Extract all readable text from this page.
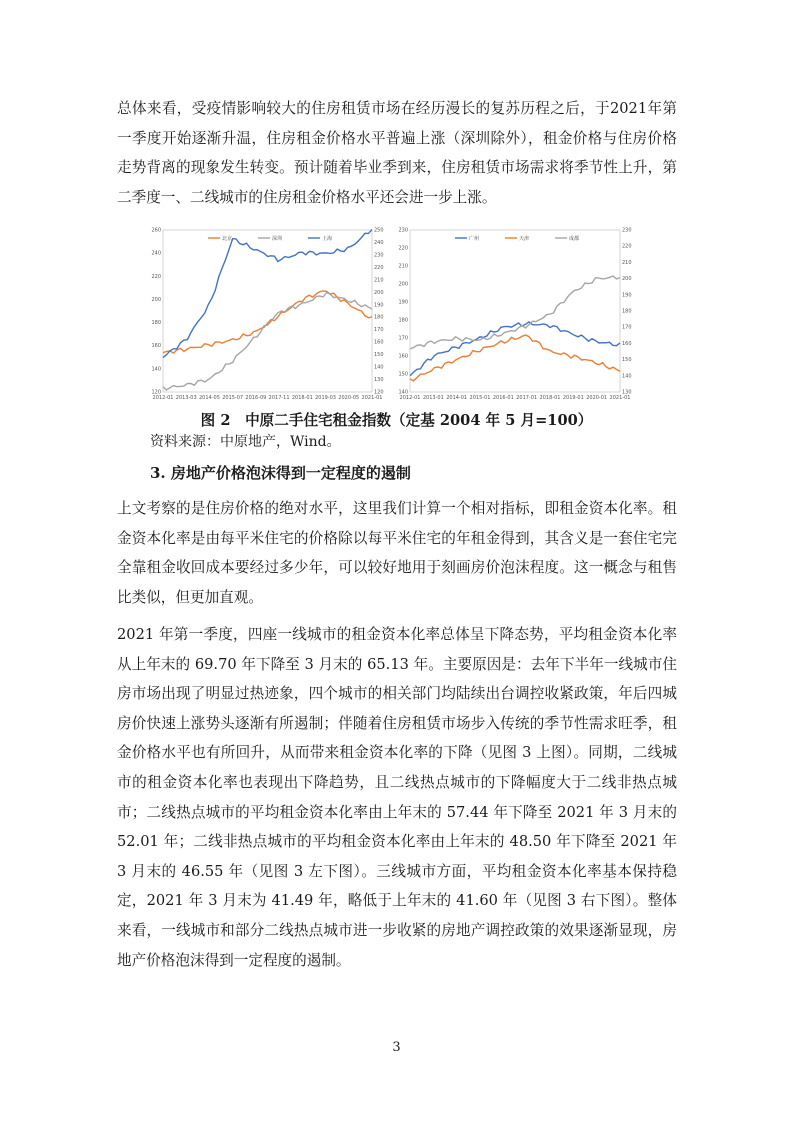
总体来看，受疫情影响较大的住房租赁市场在经历漫长的复苏历程之后，于2021年第一季度开始逐渐升温，住房租金价格水平普遍上涨（深圳除外），租金价格与住房价格走势背离的现象发生转变。预计随着毕业季到来，住房租赁市场需求将季节性上升，第二季度一、二线城市的住房租金价格水平还会进一步上涨。

120
140
160
180
200
220
240
260	250
240
230
220
210
200
190
180
170
160
150
140
130
120
2012-01 2013-03 2014-05 2015-07 2016-09 2017-11 2018-01 2019-03 2020-05 2021-01
北京	深圳	上海
140
150
160
170
180
190
200
210
220
230
130
140
150
160
170
180
190
200
210
220
230
2012-01 2013-01 2014-01 2015-01 2016-01 2017-01 2018-01 2019-01 2020-01 2021-01
广州	天津	成都

图 2　中原二手住宅租金指数（定基 2004 年 5 月=100）

资料来源：中原地产，Wind。

3. 房地产价格泡沫得到一定程度的遏制

上文考察的是住房价格的绝对水平，这里我们计算一个相对指标，即租金资本化率。租金资本化率是由每平米住宅的价格除以每平米住宅的年租金得到，其含义是一套住宅完全靠租金收回成本要经过多少年，可以较好地用于刻画房价泡沫程度。这一概念与租售比类似，但更加直观。

2021 年第一季度，四座一线城市的租金资本化率总体呈下降态势，平均租金资本化率从上年末的 69.70 年下降至 3 月末的 65.13 年。主要原因是：去年下半年一线城市住房市场出现了明显过热迹象，四个城市的相关部门均陆续出台调控收紧政策，年后四城房价快速上涨势头逐渐有所遏制；伴随着住房租赁市场步入传统的季节性需求旺季，租金价格水平也有所回升，从而带来租金资本化率的下降（见图 3 上图）。同期，二线城市的租金资本化率也表现出下降趋势，且二线热点城市的下降幅度大于二线非热点城市；二线热点城市的平均租金资本化率由上年末的 57.44 年下降至 2021 年 3 月末的 52.01 年；二线非热点城市的平均租金资本化率由上年末的 48.50 年下降至 2021 年 3 月末的 46.55 年（见图 3 左下图）。三线城市方面，平均租金资本化率基本保持稳定，2021 年 3 月末为 41.49 年，略低于上年末的 41.60 年（见图 3 右下图）。整体来看，一线城市和部分二线热点城市进一步收紧的房地产调控政策的效果逐渐显现，房地产价格泡沫得到一定程度的遏制。

3
